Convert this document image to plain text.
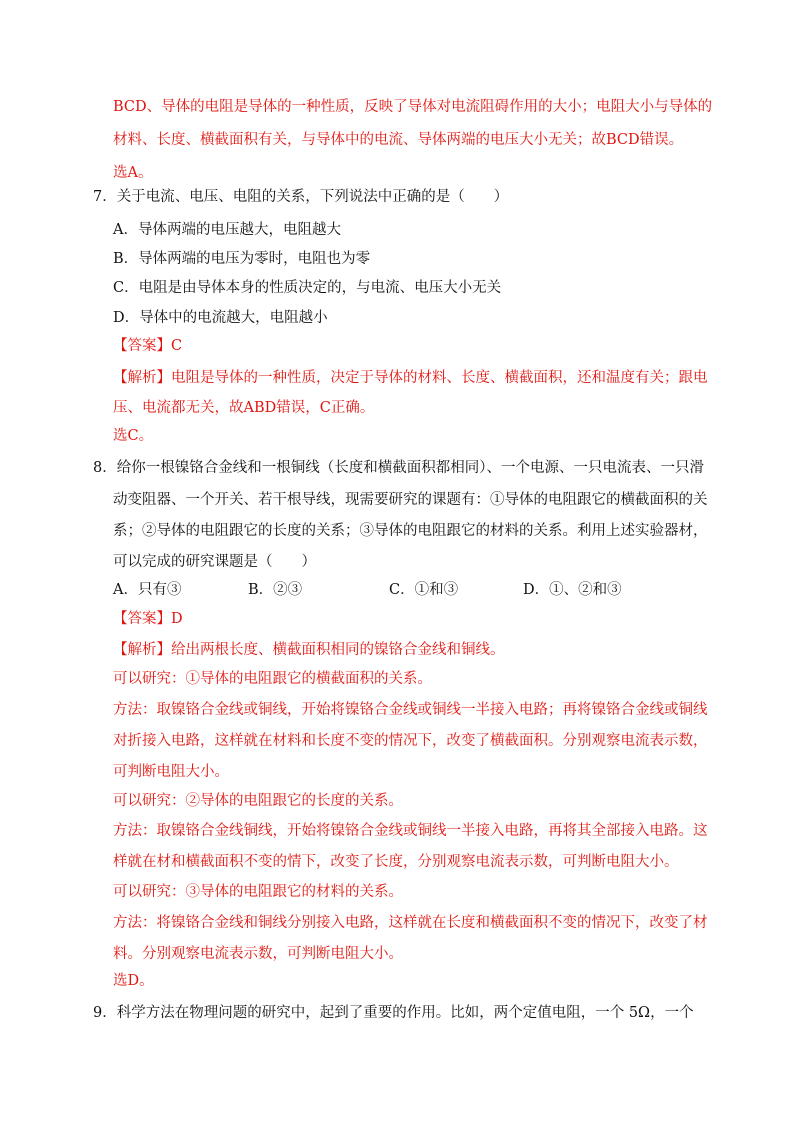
BCD、导体的电阻是导体的一种性质，反映了导体对电流阻碍作用的大小；电阻大小与导体的
材料、长度、横截面积有关，与导体中的电流、导体两端的电压大小无关；故BCD错误。
选A。
7．关于电流、电压、电阻的关系，下列说法中正确的是（　　）
A．导体两端的电压越大，电阻越大
B．导体两端的电压为零时，电阻也为零
C．电阻是由导体本身的性质决定的，与电流、电压大小无关
D．导体中的电流越大，电阻越小
【答案】C
【解析】电阻是导体的一种性质，决定于导体的材料、长度、横截面积，还和温度有关；跟电
压、电流都无关，故ABD错误，C正确。
选C。
8．给你一根镍铬合金线和一根铜线（长度和横截面积都相同）、一个电源、一只电流表、一只滑
动变阻器、一个开关、若干根导线，现需要研究的课题有：①导体的电阻跟它的横截面积的关
系；②导体的电阻跟它的长度的关系；③导体的电阻跟它的材料的关系。利用上述实验器材，
可以完成的研究课题是（　　）
A．只有③	B．②③	C．①和③	D．①、②和③
【答案】D
【解析】给出两根长度、横截面积相同的镍铬合金线和铜线。
可以研究：①导体的电阻跟它的横截面积的关系。
方法：取镍铬合金线或铜线，开始将镍铬合金线或铜线一半接入电路；再将镍铬合金线或铜线
对折接入电路，这样就在材料和长度不变的情况下，改变了横截面积。分别观察电流表示数，
可判断电阻大小。
可以研究：②导体的电阻跟它的长度的关系。
方法：取镍铬合金线铜线，开始将镍铬合金线或铜线一半接入电路，再将其全部接入电路。这
样就在材和横截面积不变的情下，改变了长度，分别观察电流表示数，可判断电阻大小。
可以研究：③导体的电阻跟它的材料的关系。
方法：将镍铬合金线和铜线分别接入电路，这样就在长度和横截面积不变的情况下，改变了材
料。分别观察电流表示数，可判断电阻大小。
选D。
9．科学方法在物理问题的研究中，起到了重要的作用。比如，两个定值电阻，一个 5Ω，一个
